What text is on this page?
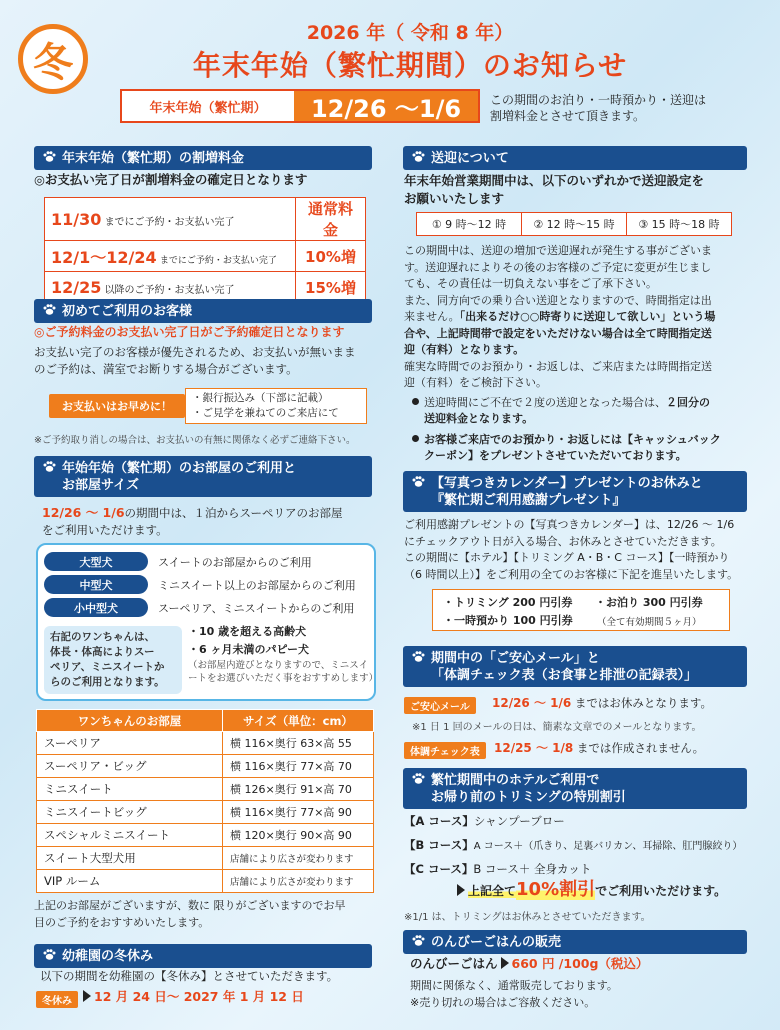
冬
2026 年（ 令和 8 年）
年末年始（繁忙期間）のお知らせ
年末年始（繁忙期）	12/26 ～1/6	この期間のお泊り・一時預かり・送迎は
割増料金とさせて頂きます。
年末年始（繁忙期）の割増料金
◎お支払い完了日が割増料金の確定日となります
11/30 までにご予約・お支払い完了	通常料金
12/1～12/24 までにご予約・お支払い完了	10%増
12/25 以降のご予約・お支払い完了	15%増
初めてご利用のお客様
◎ご予約料金のお支払い完了日がご予約確定日となります
お支払い完了のお客様が優先されるため、お支払いが無いまま
のご予約は、満室でお断りする場合がございます。
お支払いはお早めに！
・銀行振込み（下部に記載）
・ご見学を兼ねてのご来店にて
※ご予約取り消しの場合は、お支払いの有無に関係なく必ずご連絡下さい。
年始年始（繁忙期）のお部屋のご利用と
お部屋サイズ
12/26 ～ 1/6の期間中は、１泊からスーペリアのお部屋
をご利用いただけます。
大型犬	スイートのお部屋からのご利用
中型犬	ミニスイート以上のお部屋からのご利用
小中型犬	スーペリア、ミニスイートからのご利用
右記のワンちゃんは、
体長・体高によりスー
ペリア、ミニスイートか
らのご利用となります。
・10 歳を超える高齢犬
・6 ヶ月未満のパピー犬
（お部屋内遊びとなりますので、ミニスイ
ートをお選びいただく事をおすすめします）
ワンちゃんのお部屋	サイズ（単位：cm）
スーペリア	横 116×奥行 63×高 55
スーペリア・ビッグ	横 116×奥行 77×高 70
ミニスイート	横 126×奥行 91×高 70
ミニスイートビッグ	横 116×奥行 77×高 90
スペシャルミニスイート	横 120×奥行 90×高 90
スイート大型犬用	店舗により広さが変わります
VIP ルーム	店舗により広さが変わります
上記のお部屋がございますが、数に 限りがございますのでお早
目のご予約をおすすめいたします。
幼稚園の冬休み
以下の期間を幼稚園の【冬休み】とさせていただきます。
冬休み	12 月 24 日～ 2027 年 1 月 12 日
送迎について
年末年始営業期間中は、以下のいずれかで送迎設定を
お願いいたします
① 9 時～12 時	② 12 時～15 時	③ 15 時～18 時
この期間中は、送迎の増加で送迎遅れが発生する事がございま
す。送迎遅れによりその後のお客様のご予定に変更が生じまし
ても、その責任は一切負えない事をご了承下さい。
また、同方向での乗り合い送迎となりますので、時間指定は出
来ません。「出来るだけ○○時寄りに送迎して欲しい」という場
合や、上記時間帯で設定をいただけない場合は全て時間指定送
迎（有料）となります。
確実な時間でのお預かり・お返しは、ご来店または時間指定送
迎（有料）をご検討下さい。
送迎時間にご不在で２度の送迎となった場合は、２回分の
送迎料金となります。
お客様ご来店でのお預かり・お返しには【キャッシュバック
クーポン】をプレゼントさせていただいております。
【写真つきカレンダー】プレゼントのお休みと
『繁忙期ご利用感謝プレゼント』
ご利用感謝プレゼントの【写真つきカレンダー】は、12/26 ～ 1/6
にチェックアウト日が入る場合、お休みとさせていただきます。
この期間に【ホテル】【トリミング A・B・C コース】【一時預かり
（6 時間以上）】をご利用の全てのお客様に下記を進呈いたします。
・トリミング 200 円引券 ・お泊り 300 円引券
・一時預かり 100 円引券	（全て有効期間５ヶ月）
期間中の「ご安心メール」と
「体調チェック表（お食事と排泄の記録表）」
ご安心メール	12/26 ～ 1/6 まではお休みとなります。
※1 日 1 回のメールの日は、簡素な文章でのメールとなります。
体調チェック表	12/25 ～ 1/8 までは作成されません。
繁忙期間中のホテルご利用で
お帰り前のトリミングの特別割引
【A コース】シャンプーブロー
【B コース】A コース＋（爪きり、足裏バリカン、耳掃除、肛門腺絞り）
【C コース】B コース＋ 全身カット
上記全て10%割引でご利用いただけます。
※1/1 は、トリミングはお休みとさせていただきます。
のんびーごはんの販売
のんびーごはん 660 円 /100g（税込）
期間に関係なく、通常販売しております。
※売り切れの場合はご容赦ください。
